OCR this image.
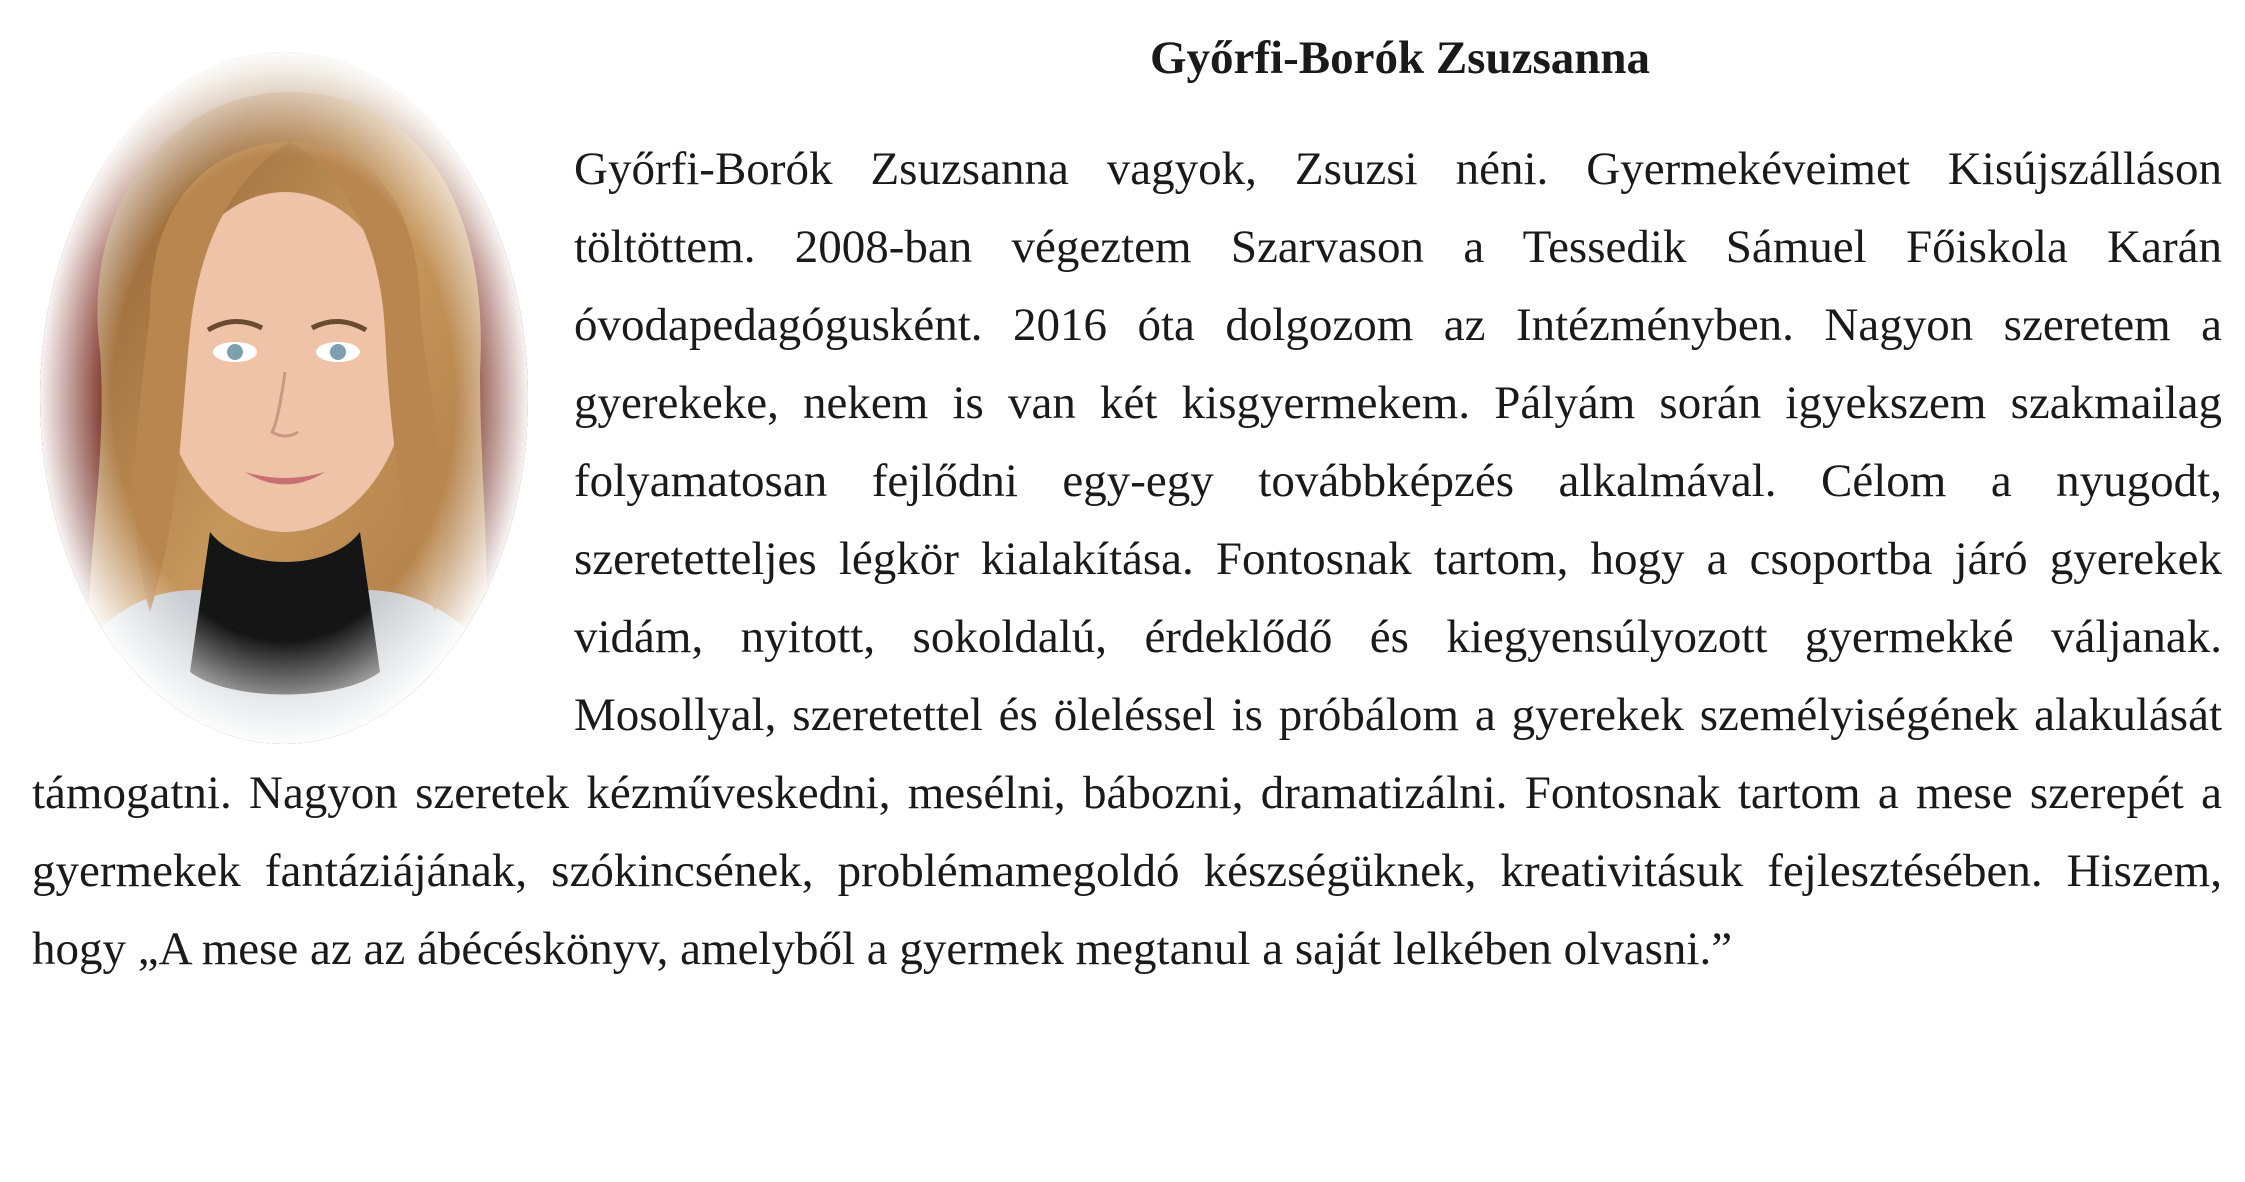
Győrfi-Borók Zsuzsanna

Győrfi-Borók Zsuzsanna vagyok, Zsuzsi néni. Gyermekéveimet Kisújszálláson töltöttem. 2008-ban végeztem Szarvason a Tessedik Sámuel Főiskola Karán óvodapedagógusként. 2016 óta dolgozom az Intézményben. Nagyon szeretem a gyerekeke, nekem is van két kisgyermekem. Pályám során igyekszem szakmailag folyamatosan fejlődni egy-egy továbbképzés alkalmával. Célom a nyugodt, szeretetteljes légkör kialakítása. Fontosnak tartom, hogy a csoportba járó gyerekek vidám, nyitott, sokoldalú, érdeklődő és kiegyensúlyozott gyermekké váljanak. Mosollyal, szeretettel és öleléssel is próbálom a gyerekek személyiségének alakulását támogatni. Nagyon szeretek kézműveskedni, mesélni, bábozni, dramatizálni. Fontosnak tartom a mese szerepét a gyermekek fantáziájának, szókincsének, problémamegoldó készségüknek, kreativitásuk fejlesztésében. Hiszem, hogy „A mese az az ábécéskönyv, amelyből a gyermek megtanul a saját lelkében olvasni.”
